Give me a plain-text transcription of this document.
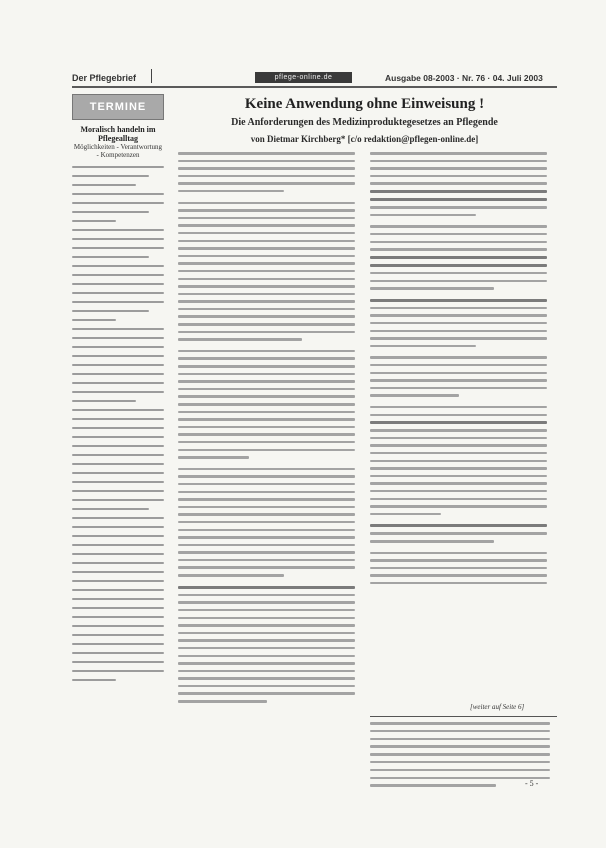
Der Pflegebrief	pflege-online.de	Ausgabe 08-2003 · Nr. 76 · 04. Juli 2003
TERMINE
Moralisch handeln im Pflegealltag
Möglichkeiten - Verantwortung - Kompetenzen
Keine Anwendung ohne Einweisung !
Die Anforderungen des Medizinproduktegesetzes an Pflegende
von Dietmar Kirchberg* [c/o redaktion@pflegen-online.de]
[weiter auf Seite 6]
- 5 -
